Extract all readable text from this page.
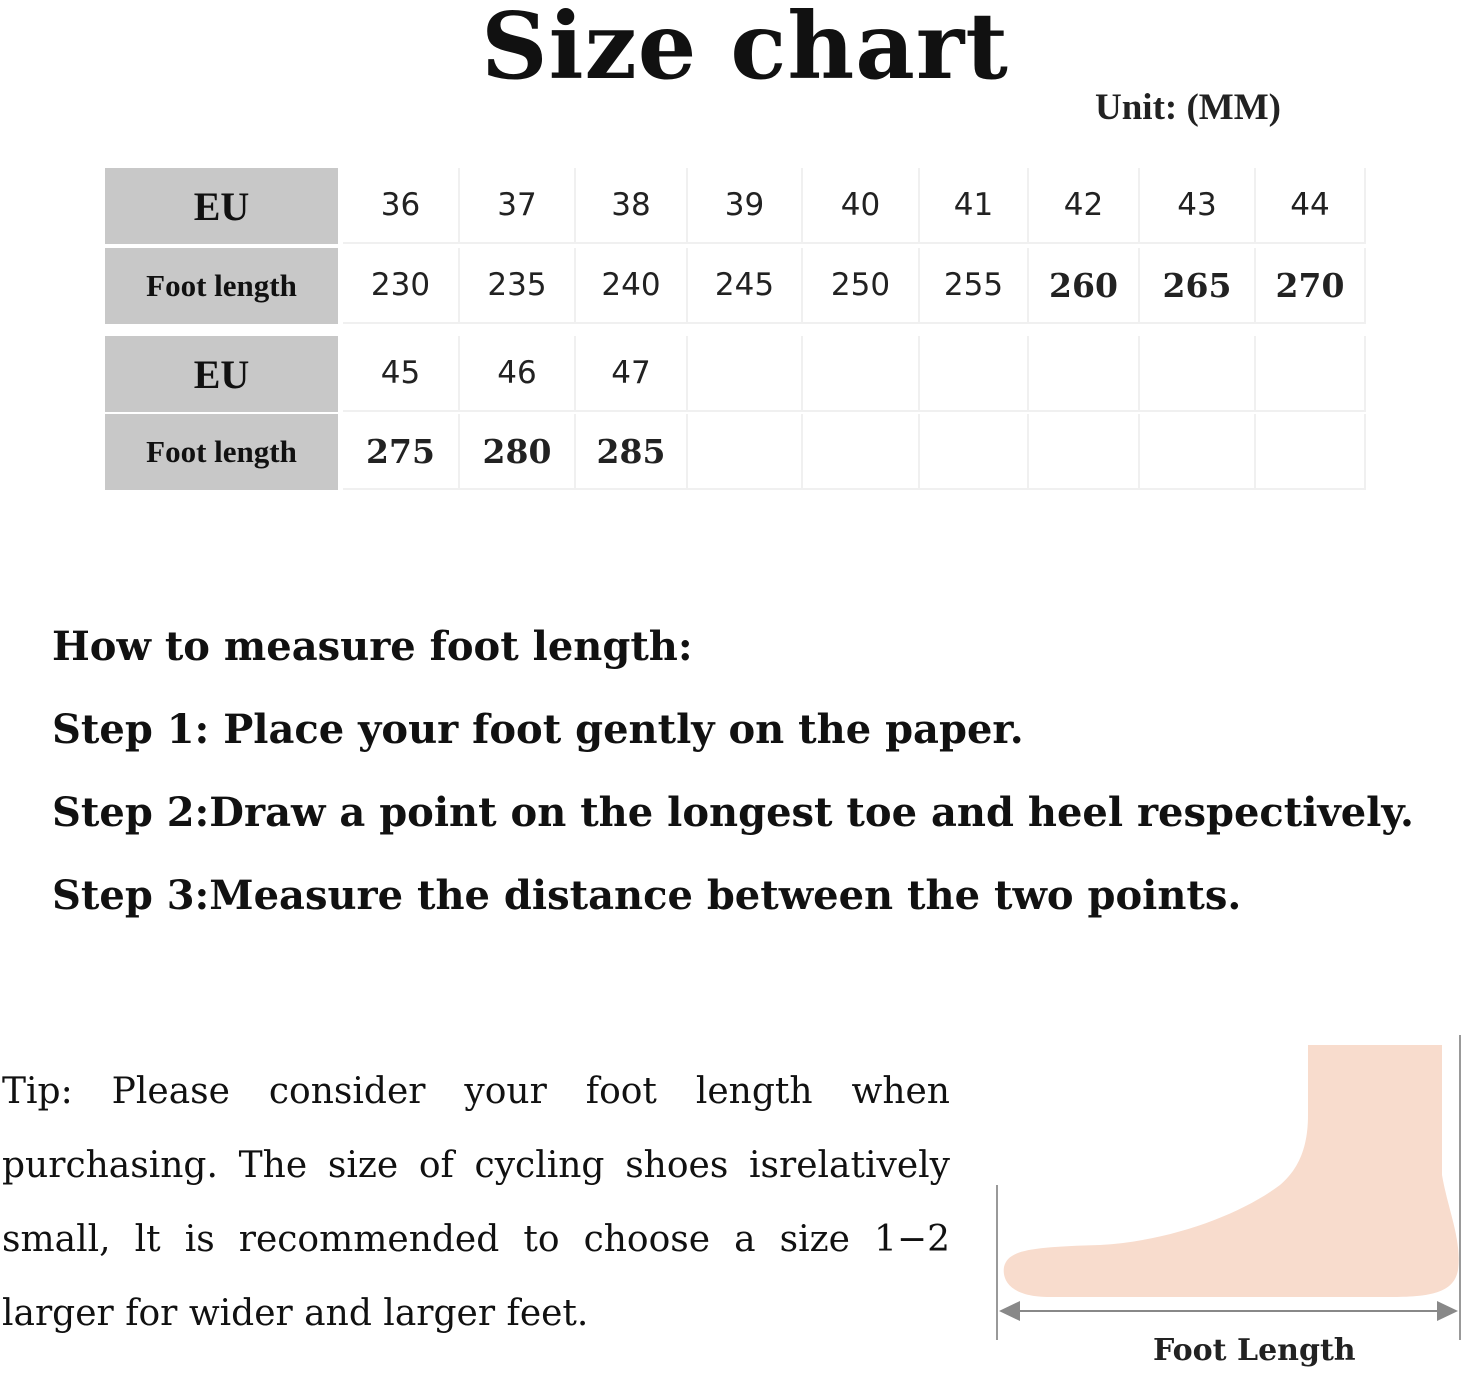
Size chart
Unit: (MM)
EU	36	37	38	39	40	41	42	43	44
Foot length	230	235	240	245	250	255	260	265	270
EU	45	46	47
Foot length	275	280	285
How to measure foot length:
Step 1: Place your foot gently on the paper.
Step 2:Draw a point on the longest toe and heel respectively.
Step 3:Measure the distance between the two points.
Tip: Please consider your foot length when purchasing. The size of cycling shoes isrelatively small, lt is recommended to choose a size 1−2 larger for wider and larger feet.
Foot Length
